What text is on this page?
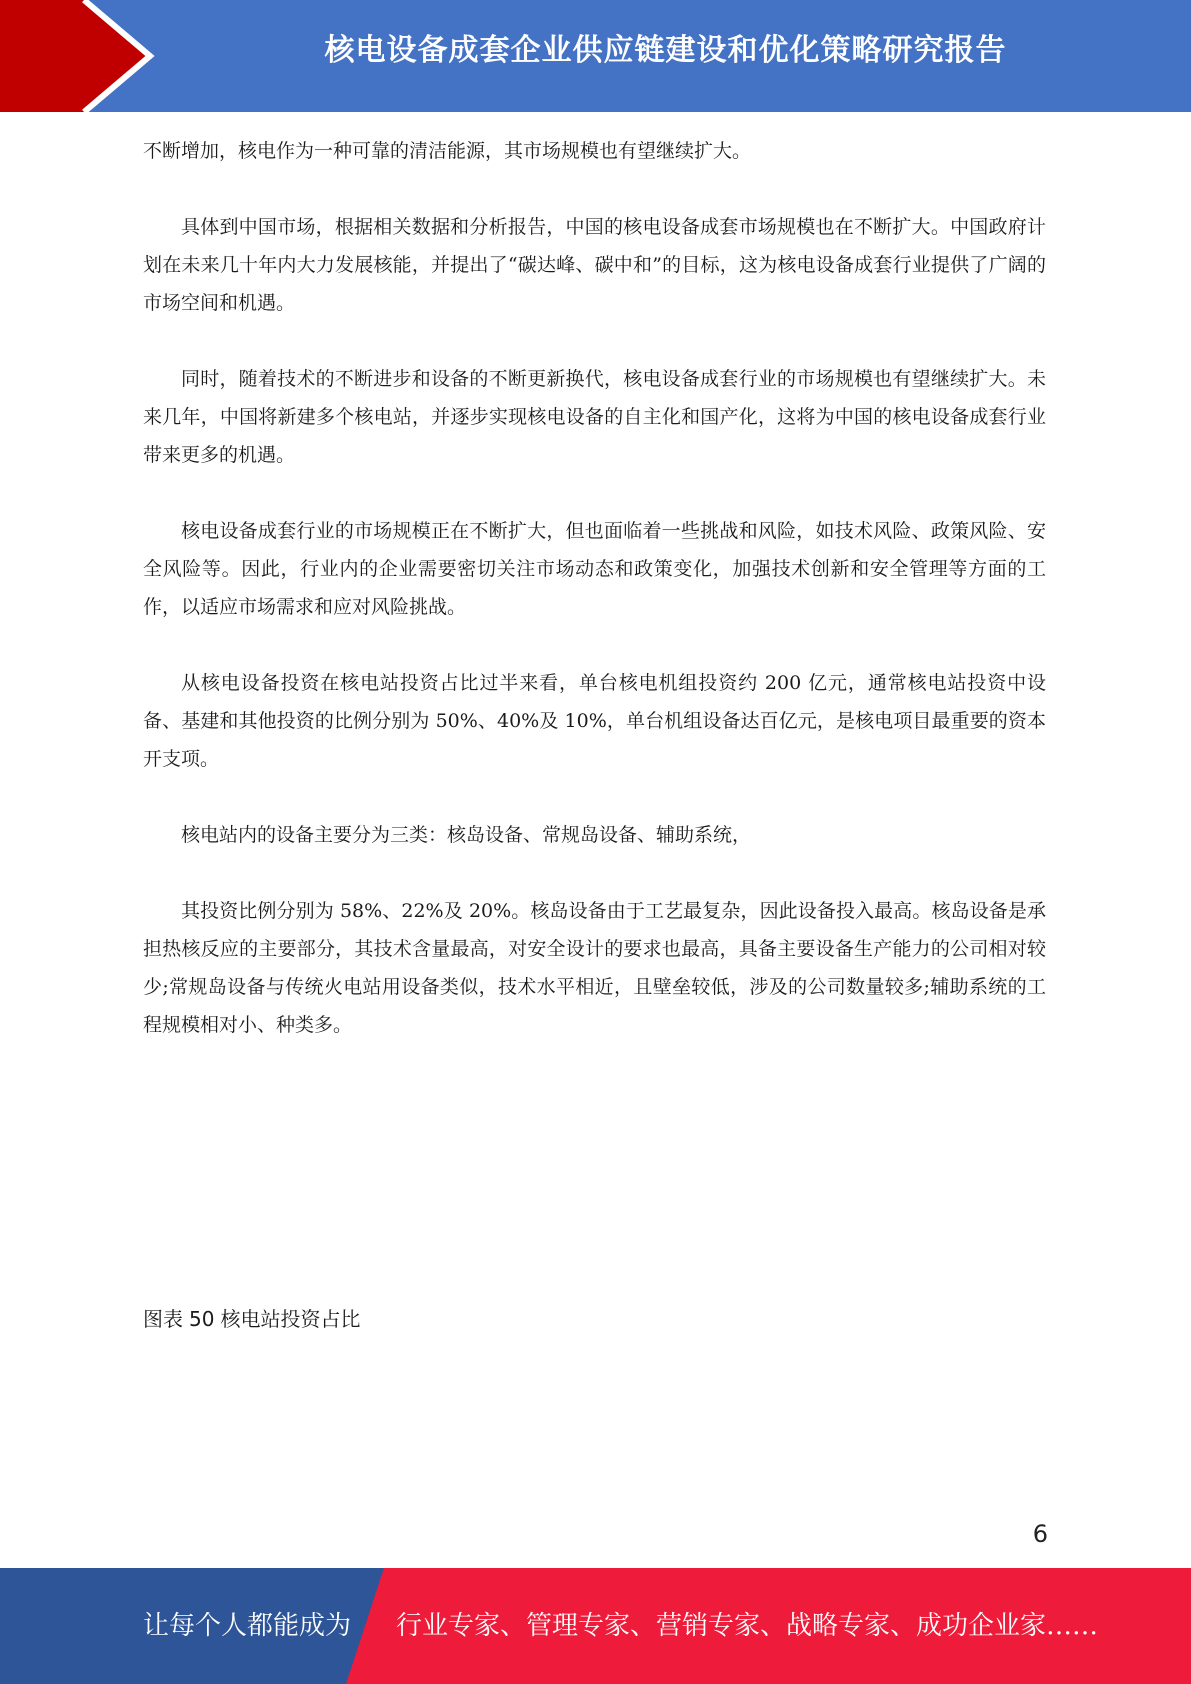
核电设备成套企业供应链建设和优化策略研究报告

不断增加，核电作为一种可靠的清洁能源，其市场规模也有望继续扩大。

具体到中国市场，根据相关数据和分析报告，中国的核电设备成套市场规模也在不断扩大。中国政府计划在未来几十年内大力发展核能，并提出了“碳达峰、碳中和”的目标，这为核电设备成套行业提供了广阔的市场空间和机遇。

同时，随着技术的不断进步和设备的不断更新换代，核电设备成套行业的市场规模也有望继续扩大。未来几年，中国将新建多个核电站，并逐步实现核电设备的自主化和国产化，这将为中国的核电设备成套行业带来更多的机遇。

核电设备成套行业的市场规模正在不断扩大，但也面临着一些挑战和风险，如技术风险、政策风险、安全风险等。因此，行业内的企业需要密切关注市场动态和政策变化，加强技术创新和安全管理等方面的工作，以适应市场需求和应对风险挑战。

从核电设备投资在核电站投资占比过半来看，单台核电机组投资约 200 亿元，通常核电站投资中设备、基建和其他投资的比例分别为 50%、40%及 10%，单台机组设备达百亿元，是核电项目最重要的资本开支项。

核电站内的设备主要分为三类：核岛设备、常规岛设备、辅助系统，

其投资比例分别为 58%、22%及 20%。核岛设备由于工艺最复杂，因此设备投入最高。核岛设备是承担热核反应的主要部分，其技术含量最高，对安全设计的要求也最高，具备主要设备生产能力的公司相对较少;常规岛设备与传统火电站用设备类似，技术水平相近，且壁垒较低，涉及的公司数量较多;辅助系统的工程规模相对小、种类多。

图表 50 核电站投资占比
6
让每个人都能成为 行业专家、管理专家、营销专家、战略专家、成功企业家……
